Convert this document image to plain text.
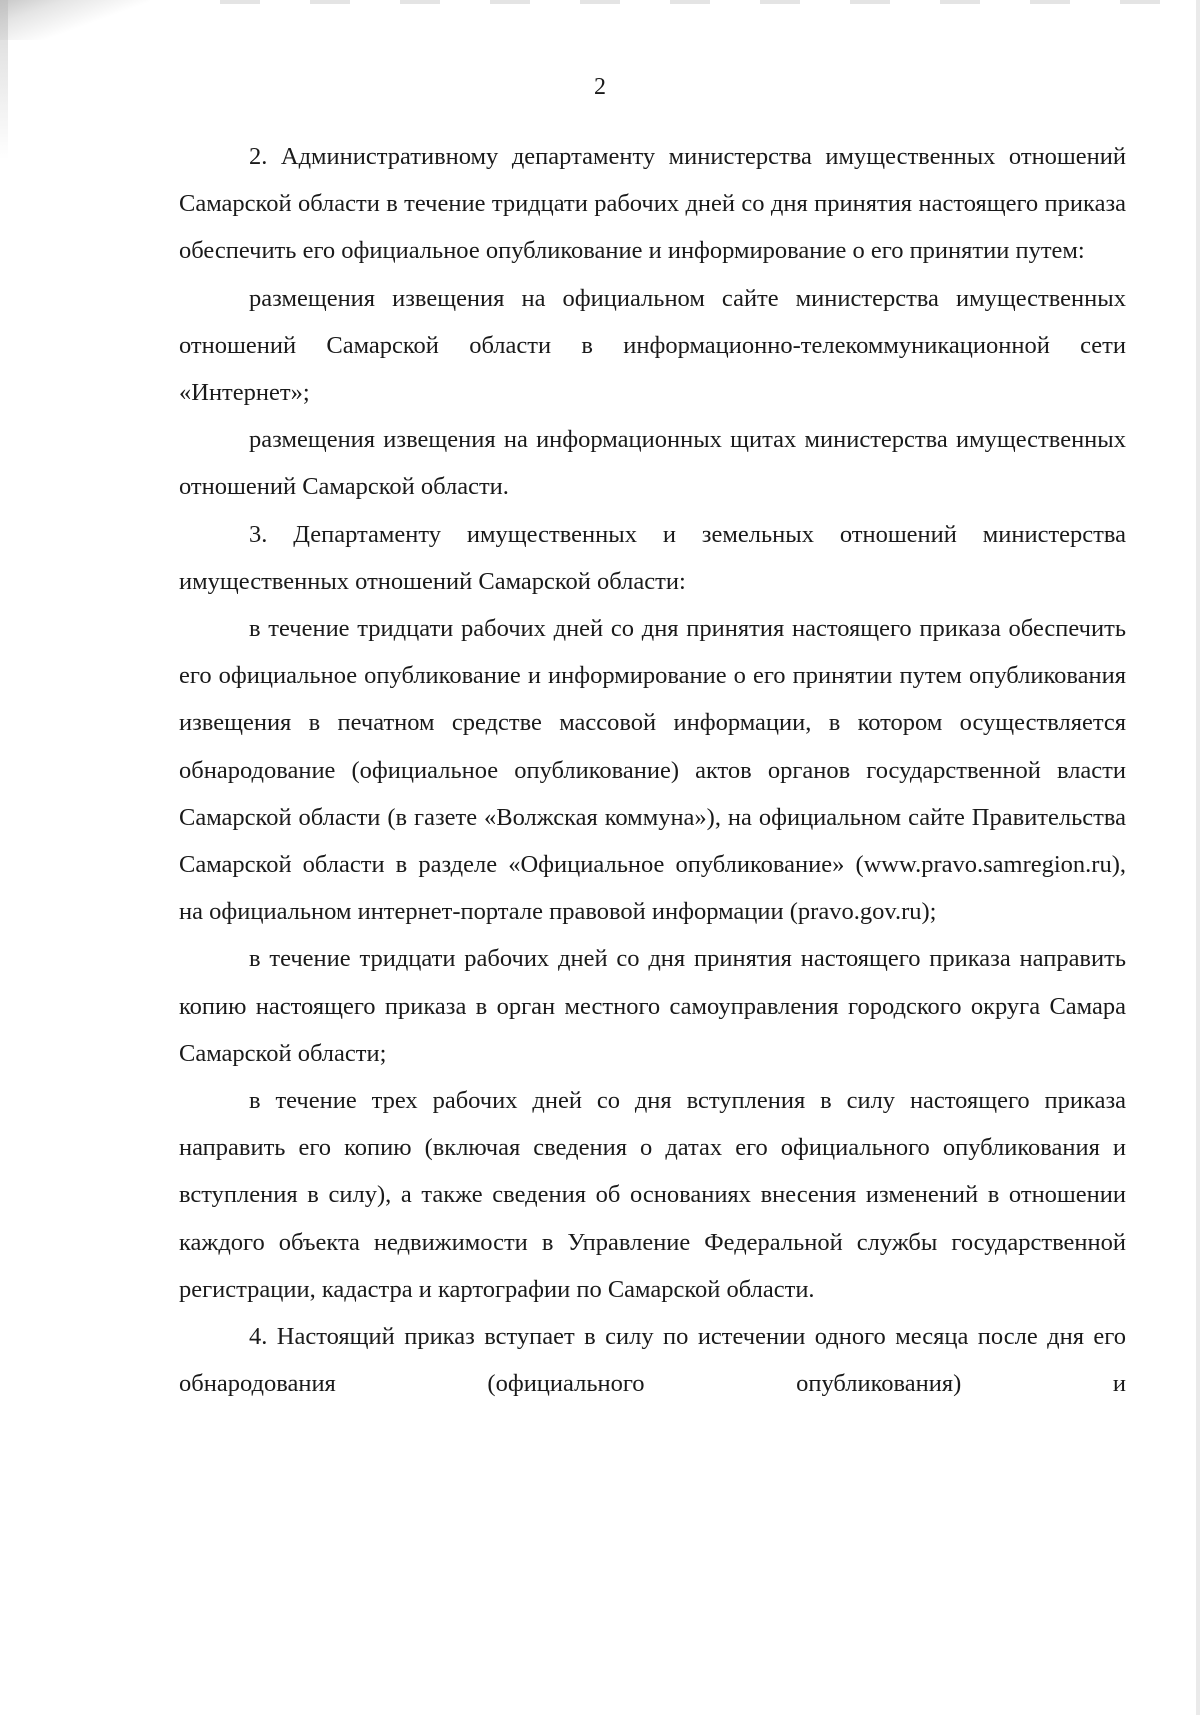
2

2. Административному департаменту министерства имущественных отношений Самарской области в течение тридцати рабочих дней со дня принятия настоящего приказа обеспечить его официальное опубликование и информирование о его принятии путем:

размещения извещения на официальном сайте министерства имущественных отношений Самарской области в информационно-телекоммуникационной сети «Интернет»;

размещения извещения на информационных щитах министерства имущественных отношений Самарской области.

3. Департаменту имущественных и земельных отношений министерства имущественных отношений Самарской области:

в течение тридцати рабочих дней со дня принятия настоящего приказа обеспечить его официальное опубликование и информирование о его принятии путем опубликования извещения в печатном средстве массовой информации, в котором осуществляется обнародование (официальное опубликование) актов органов государственной власти Самарской области (в газете «Волжская коммуна»), на официальном сайте Правительства Самарской области в разделе «Официальное опубликование» (www.pravo.samregion.ru), на официальном интернет-портале правовой информации (pravo.gov.ru);

в течение тридцати рабочих дней со дня принятия настоящего приказа направить копию настоящего приказа в орган местного самоуправления городского округа Самара Самарской области;

в течение трех рабочих дней со дня вступления в силу настоящего приказа направить его копию (включая сведения о датах его официального опубликования и вступления в силу), а также сведения об основаниях внесения изменений в отношении каждого объекта недвижимости в Управление Федеральной службы государственной регистрации, кадастра и картографии по Самарской области.

4. Настоящий приказ вступает в силу по истечении одного месяца после дня его обнародования (официального опубликования) и
